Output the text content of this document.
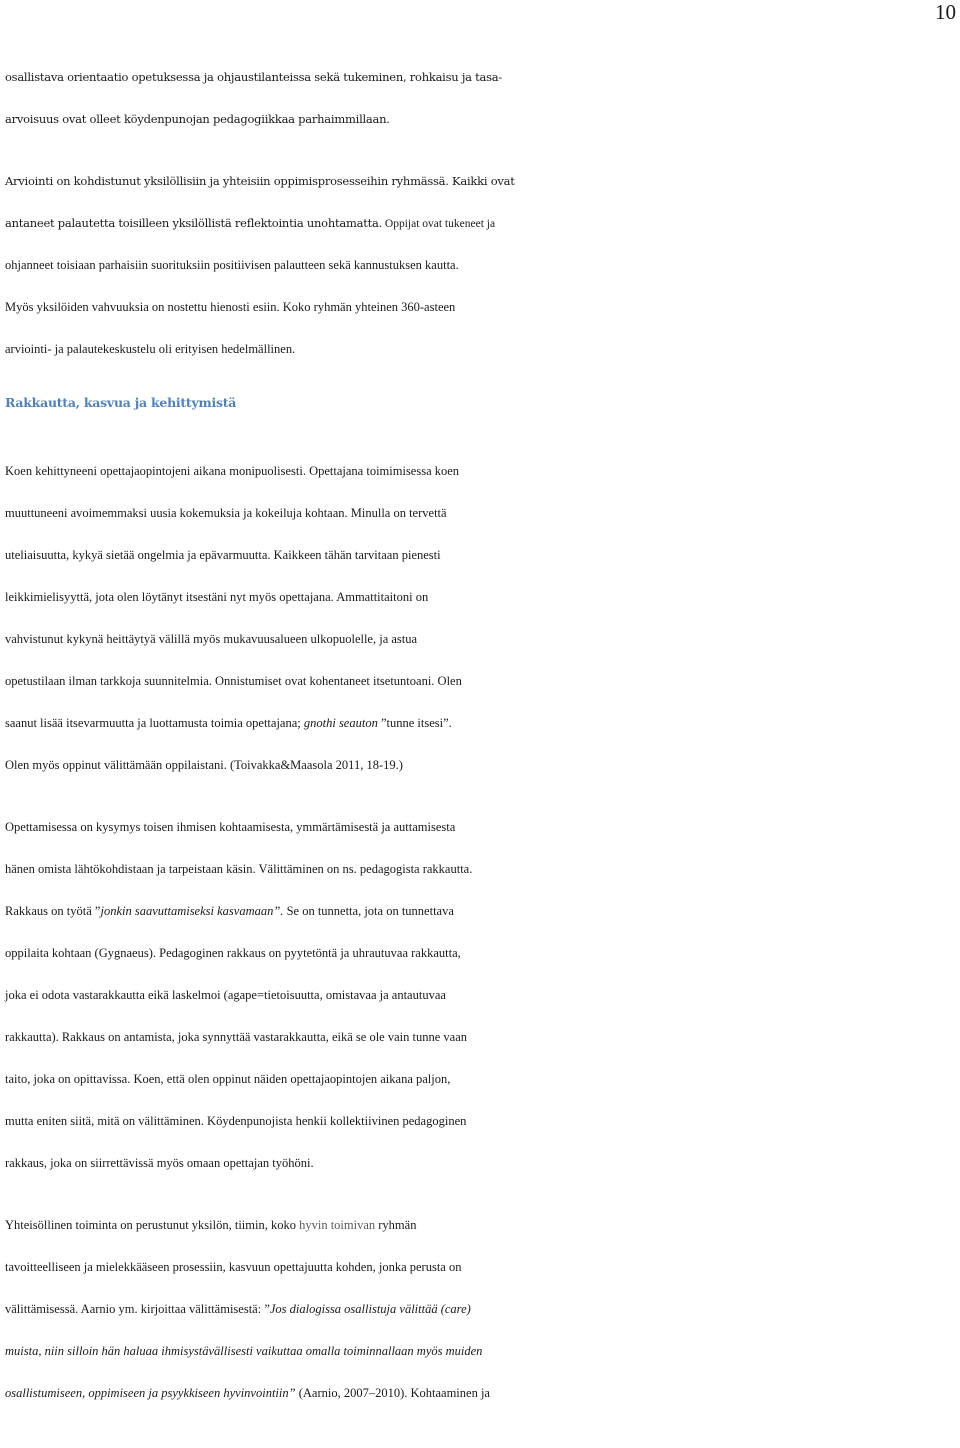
10
osallistava orientaatio opetuksessa ja ohjaustilanteissa sekä tukeminen, rohkaisu ja tasa-
arvoisuus ovat olleet köydenpunojan pedagogiikkaa parhaimmillaan.
Arviointi on kohdistunut yksilöllisiin ja yhteisiin oppimisprosesseihin ryhmässä. Kaikki ovat
antaneet palautetta toisilleen yksilöllistä reflektointia unohtamatta. Oppijat ovat tukeneet ja
ohjanneet toisiaan parhaisiin suorituksiin positiivisen palautteen sekä kannustuksen kautta.
Myös yksilöiden vahvuuksia on nostettu hienosti esiin. Koko ryhmän yhteinen 360-asteen
arviointi- ja palautekeskustelu oli erityisen hedelmällinen.
Rakkautta, kasvua ja kehittymistä
Koen kehittyneeni opettajaopintojeni aikana monipuolisesti. Opettajana toimimisessa koen
muuttuneeni avoimemmaksi uusia kokemuksia ja kokeiluja kohtaan. Minulla on tervettä
uteliaisuutta, kykyä sietää ongelmia ja epävarmuutta. Kaikkeen tähän tarvitaan pienesti
leikkimielisyyttä, jota olen löytänyt itsestäni nyt myös opettajana. Ammattitaitoni on
vahvistunut kykynä heittäytyä välillä myös mukavuusalueen ulkopuolelle, ja astua
opetustilaan ilman tarkkoja suunnitelmia. Onnistumiset ovat kohentaneet itsetuntoani. Olen
saanut lisää itsevarmuutta ja luottamusta toimia opettajana; gnothi seauton ”tunne itsesi”.
Olen myös oppinut välittämään oppilaistani. (Toivakka&Maasola 2011, 18-19.)
Opettamisessa on kysymys toisen ihmisen kohtaamisesta, ymmärtämisestä ja auttamisesta
hänen omista lähtökohdistaan ja tarpeistaan käsin. Välittäminen on ns. pedagogista rakkautta.
Rakkaus on työtä ”jonkin saavuttamiseksi kasvamaan”. Se on tunnetta, jota on tunnettava
oppilaita kohtaan (Gygnaeus). Pedagoginen rakkaus on pyytetöntä ja uhrautuvaa rakkautta,
joka ei odota vastarakkautta eikä laskelmoi (agape=tietoisuutta, omistavaa ja antautuvaa
rakkautta). Rakkaus on antamista, joka synnyttää vastarakkautta, eikä se ole vain tunne vaan
taito, joka on opittavissa. Koen, että olen oppinut näiden opettajaopintojen aikana paljon,
mutta eniten siitä, mitä on välittäminen. Köydenpunojista henkii kollektiivinen pedagoginen
rakkaus, joka on siirrettävissä myös omaan opettajan työhöni.
Yhteisöllinen toiminta on perustunut yksilön, tiimin, koko hyvin toimivan ryhmän
tavoitteelliseen ja mielekkääseen prosessiin, kasvuun opettajuutta kohden, jonka perusta on
välittämisessä. Aarnio ym. kirjoittaa välittämisestä: ”Jos dialogissa osallistuja välittää (care)
muista, niin silloin hän haluaa ihmisystävällisesti vaikuttaa omalla toiminnallaan myös muiden
osallistumiseen, oppimiseen ja psyykkiseen hyvinvointiin” (Aarnio, 2007–2010). Kohtaaminen ja
